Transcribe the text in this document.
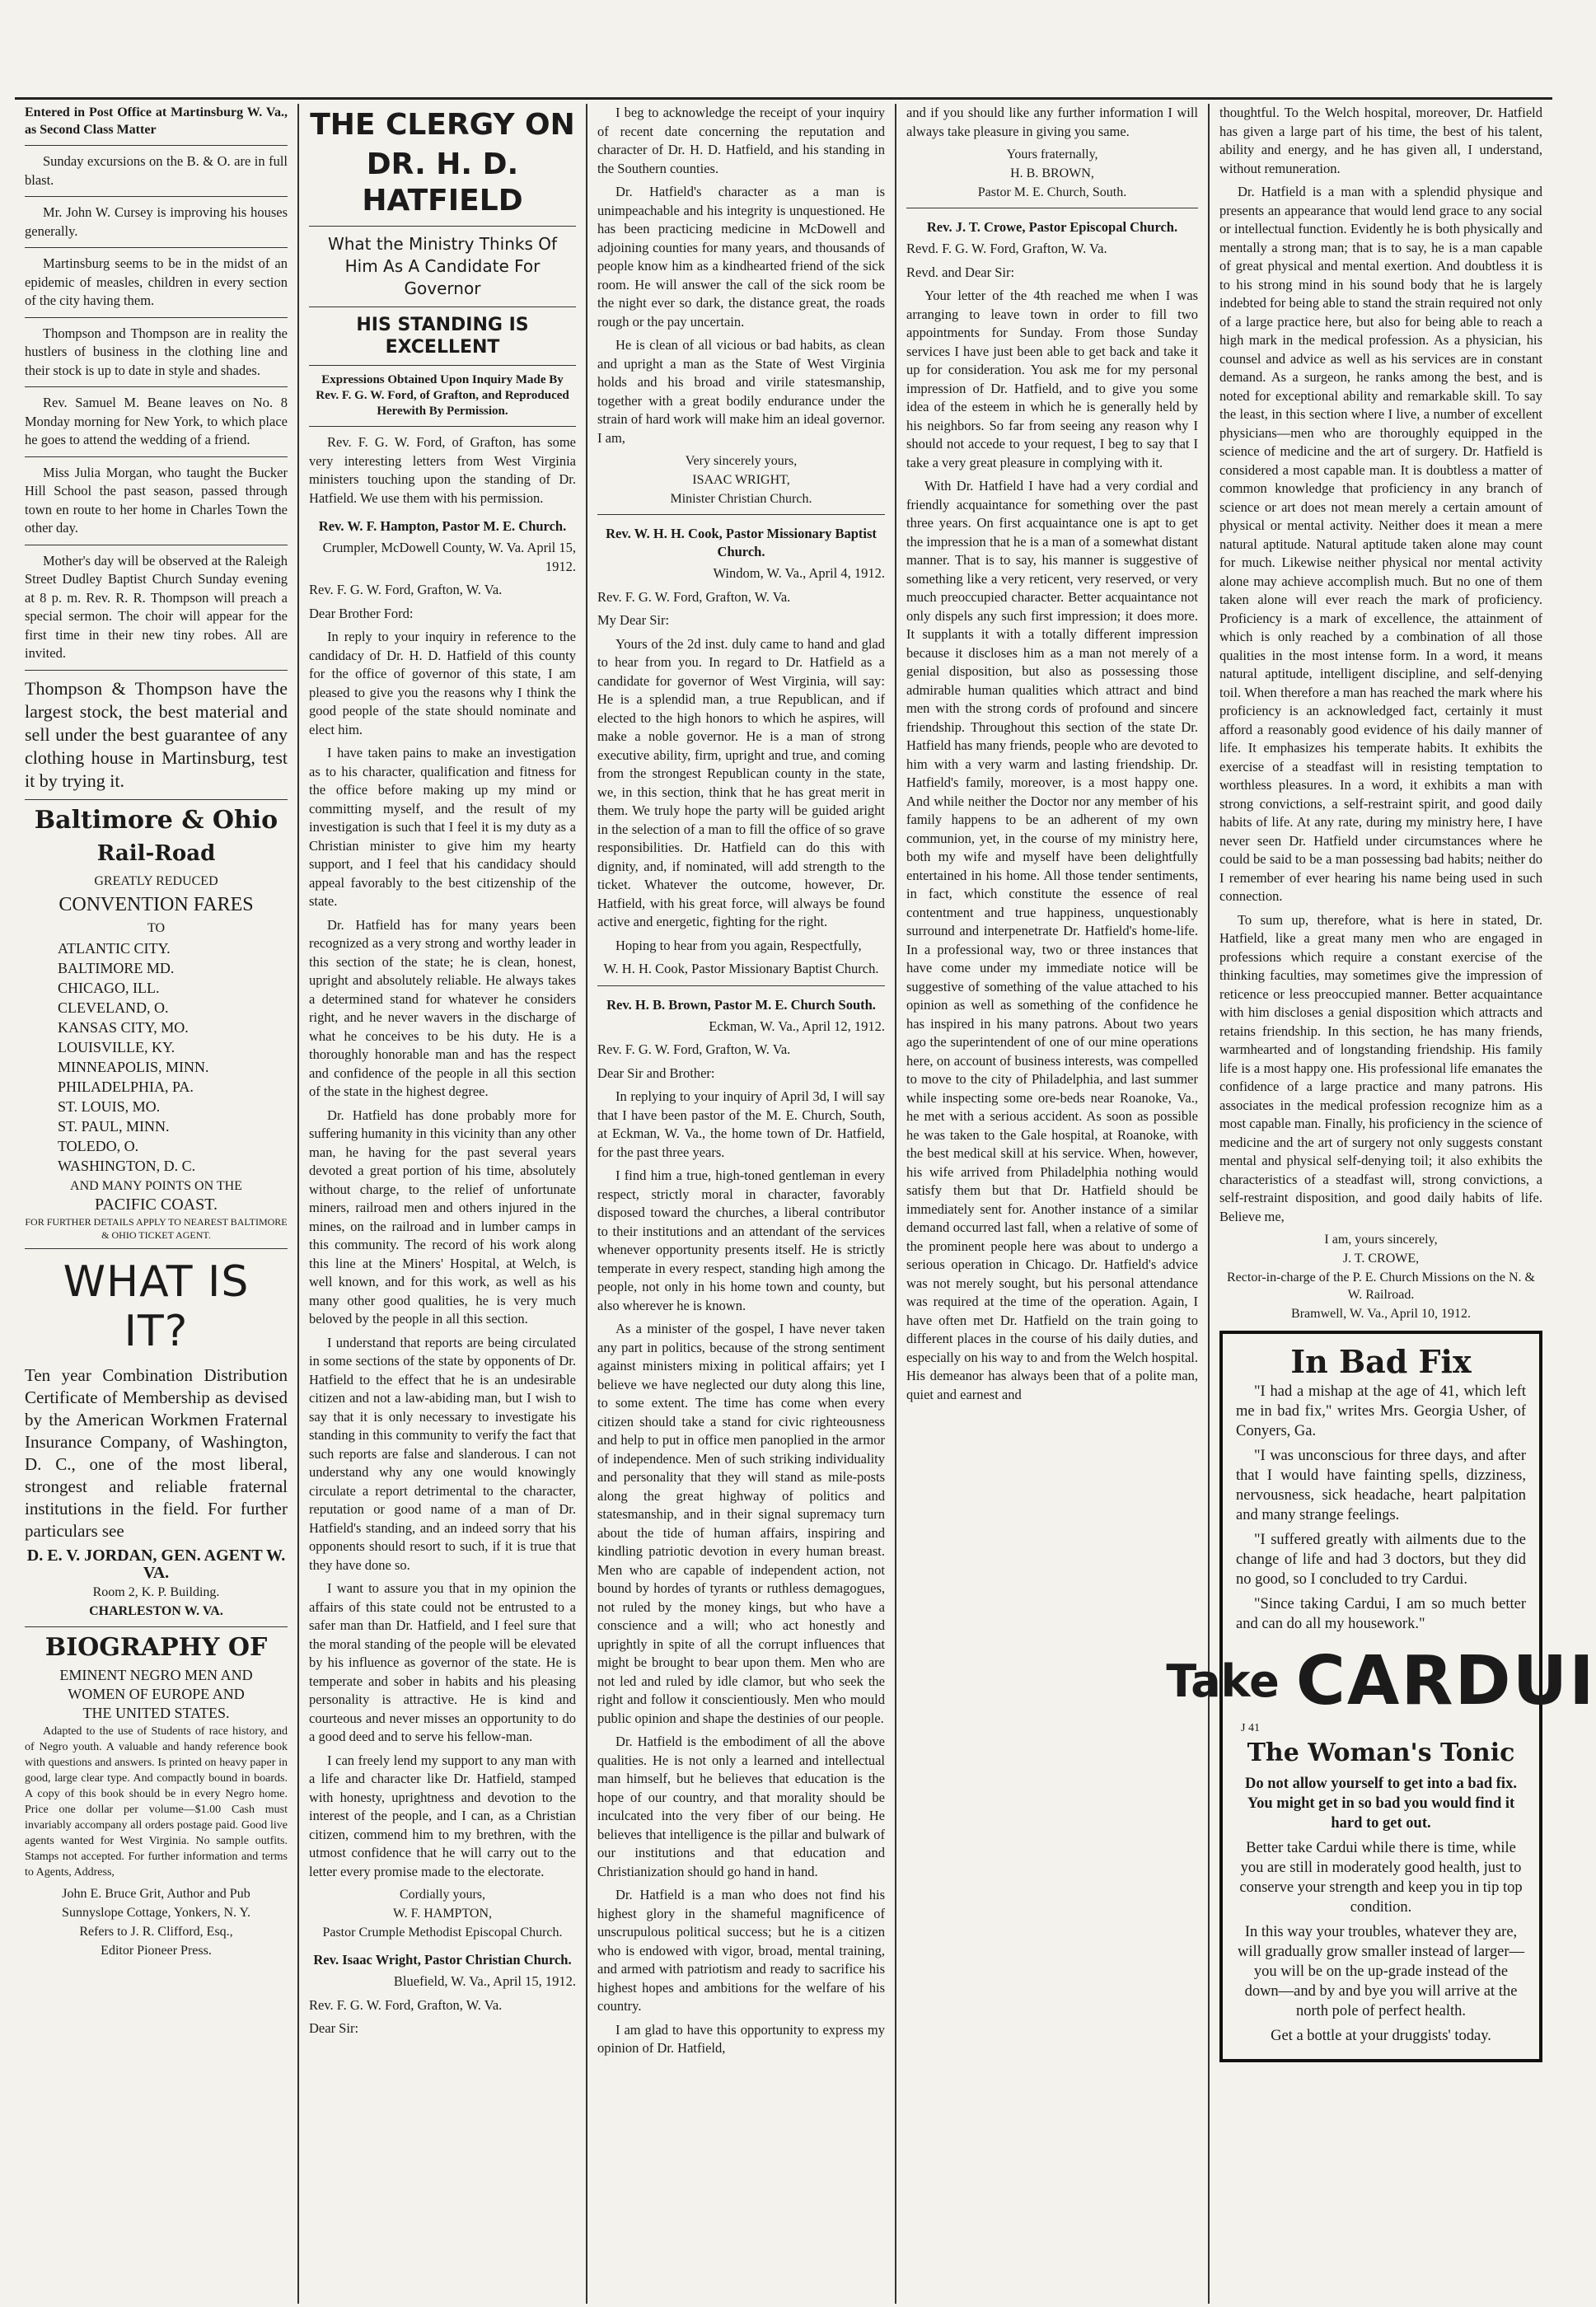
Entered in Post Office at Martinsburg W. Va., as Second Class Matter

Sunday excursions on the B. & O. are in full blast.

Mr. John W. Cursey is improving his houses generally.

Martinsburg seems to be in the midst of an epidemic of measles, children in every section of the city having them.

Thompson and Thompson are in reality the hustlers of business in the clothing line and their stock is up to date in style and shades.

Rev. Samuel M. Beane leaves on No. 8 Monday morning for New York, to which place he goes to attend the wedding of a friend.

Miss Julia Morgan, who taught the Bucker Hill School the past season, passed through town en route to her home in Charles Town the other day.

Mother's day will be observed at the Raleigh Street Dudley Baptist Church Sunday evening at 8 p. m. Rev. R. R. Thompson will preach a special sermon. The choir will appear for the first time in their new tiny robes. All are invited.

Thompson & Thompson have the largest stock, the best material and sell under the best guarantee of any clothing house in Martinsburg, test it by trying it.

Baltimore & Ohio
Rail-Road
GREATLY REDUCED
CONVENTION FARES
TO
ATLANTIC CITY.
BALTIMORE MD.
CHICAGO, ILL.
CLEVELAND, O.
KANSAS CITY, MO.
LOUISVILLE, KY.
MINNEAPOLIS, MINN.
PHILADELPHIA, PA.
ST. LOUIS, MO.
ST. PAUL, MINN.
TOLEDO, O.
WASHINGTON, D. C.
AND MANY POINTS ON THE
PACIFIC COAST.
FOR FURTHER DETAILS APPLY TO NEAREST BALTIMORE & OHIO TICKET AGENT.
WHAT IS IT?

Ten year Combination Distribution Certificate of Membership as devised by the American Workmen Fraternal Insurance Company, of Washington, D. C., one of the most liberal, strongest and reliable fraternal institutions in the field. For further particulars see

D. E. V. JORDAN, GEN. AGENT W. VA.
Room 2, K. P. Building.
CHARLESTON W. VA.
BIOGRAPHY OF
EMINENT NEGRO MEN AND
WOMEN OF EUROPE AND
THE UNITED STATES.

Adapted to the use of Students of race history, and of Negro youth. A valuable and handy reference book with questions and answers. Is printed on heavy paper in good, large clear type. And compactly bound in boards. A copy of this book should be in every Negro home. Price one dollar per volume—$1.00 Cash must invariably accompany all orders postage paid. Good live agents wanted for West Virginia. No sample outfits. Stamps not accepted. For further information and terms to Agents, Address,

John E. Bruce Grit, Author and Pub
Sunnyslope Cottage, Yonkers, N. Y.
Refers to J. R. Clifford, Esq.,
Editor Pioneer Press.
THE CLERGY ON
DR. H. D. HATFIELD
What the Ministry Thinks Of Him As A Candidate For Governor
HIS STANDING IS EXCELLENT

Expressions Obtained Upon Inquiry Made By Rev. F. G. W. Ford, of Grafton, and Reproduced Herewith By Permission.

Rev. F. G. W. Ford, of Grafton, has some very interesting letters from West Virginia ministers touching upon the standing of Dr. Hatfield. We use them with his permission.

Rev. W. F. Hampton, Pastor M. E. Church.

Crumpler, McDowell County, W. Va. April 15, 1912.

Rev. F. G. W. Ford, Grafton, W. Va.

Dear Brother Ford:

In reply to your inquiry in reference to the candidacy of Dr. H. D. Hatfield of this county for the office of governor of this state, I am pleased to give you the reasons why I think the good people of the state should nominate and elect him.

I have taken pains to make an investigation as to his character, qualification and fitness for the office before making up my mind or committing myself, and the result of my investigation is such that I feel it is my duty as a Christian minister to give him my hearty support, and I feel that his candidacy should appeal favorably to the best citizenship of the state.

Dr. Hatfield has for many years been recognized as a very strong and worthy leader in this section of the state; he is clean, honest, upright and absolutely reliable. He always takes a determined stand for whatever he considers right, and he never wavers in the discharge of what he conceives to be his duty. He is a thoroughly honorable man and has the respect and confidence of the people in all this section of the state in the highest degree.

Dr. Hatfield has done probably more for suffering humanity in this vicinity than any other man, he having for the past several years devoted a great portion of his time, absolutely without charge, to the relief of unfortunate miners, railroad men and others injured in the mines, on the railroad and in lumber camps in this community. The record of his work along this line at the Miners' Hospital, at Welch, is well known, and for this work, as well as his many other good qualities, he is very much beloved by the people in all this section.

I understand that reports are being circulated in some sections of the state by opponents of Dr. Hatfield to the effect that he is an undesirable citizen and not a law-abiding man, but I wish to say that it is only necessary to investigate his standing in this community to verify the fact that such reports are false and slanderous. I can not understand why any one would knowingly circulate a report detrimental to the character, reputation or good name of a man of Dr. Hatfield's standing, and an indeed sorry that his opponents should resort to such, if it is true that they have done so.

I want to assure you that in my opinion the affairs of this state could not be entrusted to a safer man than Dr. Hatfield, and I feel sure that the moral standing of the people will be elevated by his influence as governor of the state. He is temperate and sober in habits and his pleasing personality is attractive. He is kind and courteous and never misses an opportunity to do a good deed and to serve his fellow-man.

I can freely lend my support to any man with a life and character like Dr. Hatfield, stamped with honesty, uprightness and devotion to the interest of the people, and I can, as a Christian citizen, commend him to my brethren, with the utmost confidence that he will carry out to the letter every promise made to the electorate.

Cordially yours,
W. F. HAMPTON,
Pastor Crumple Methodist Episcopal Church.

Rev. Isaac Wright, Pastor Christian Church.

Bluefield, W. Va., April 15, 1912.

Rev. F. G. W. Ford, Grafton, W. Va.

Dear Sir:

I beg to acknowledge the receipt of your inquiry of recent date concerning the reputation and character of Dr. H. D. Hatfield, and his standing in the Southern counties.

Dr. Hatfield's character as a man is unimpeachable and his integrity is unquestioned. He has been practicing medicine in McDowell and adjoining counties for many years, and thousands of people know him as a kindhearted friend of the sick room. He will answer the call of the sick room be the night ever so dark, the distance great, the roads rough or the pay uncertain.

He is clean of all vicious or bad habits, as clean and upright a man as the State of West Virginia holds and his broad and virile statesmanship, together with a great bodily endurance under the strain of hard work will make him an ideal governor. I am,

Very sincerely yours,
ISAAC WRIGHT,
Minister Christian Church.

Rev. W. H. H. Cook, Pastor Missionary Baptist Church.

Windom, W. Va., April 4, 1912.

Rev. F. G. W. Ford, Grafton, W. Va.

My Dear Sir:

Yours of the 2d inst. duly came to hand and glad to hear from you. In regard to Dr. Hatfield as a candidate for governor of West Virginia, will say: He is a splendid man, a true Republican, and if elected to the high honors to which he aspires, will make a noble governor. He is a man of strong executive ability, firm, upright and true, and coming from the strongest Republican county in the state, we, in this section, think that he has great merit in them. We truly hope the party will be guided aright in the selection of a man to fill the office of so grave responsibilities. Dr. Hatfield can do this with dignity, and, if nominated, will add strength to the ticket. Whatever the outcome, however, Dr. Hatfield, with his great force, will always be found active and energetic, fighting for the right.

Hoping to hear from you again, Respectfully,

W. H. H. Cook, Pastor Missionary Baptist Church.

Rev. H. B. Brown, Pastor M. E. Church South.

Eckman, W. Va., April 12, 1912.

Rev. F. G. W. Ford, Grafton, W. Va.

Dear Sir and Brother:

In replying to your inquiry of April 3d, I will say that I have been pastor of the M. E. Church, South, at Eckman, W. Va., the home town of Dr. Hatfield, for the past three years.

I find him a true, high-toned gentleman in every respect, strictly moral in character, favorably disposed toward the churches, a liberal contributor to their institutions and an attendant of the services whenever opportunity presents itself. He is strictly temperate in every respect, standing high among the people, not only in his home town and county, but also wherever he is known.

As a minister of the gospel, I have never taken any part in politics, because of the strong sentiment against ministers mixing in political affairs; yet I believe we have neglected our duty along this line, to some extent. The time has come when every citizen should take a stand for civic righteousness and help to put in office men panoplied in the armor of independence. Men of such striking individuality and personality that they will stand as mile-posts along the great highway of politics and statesmanship, and in their signal supremacy turn about the tide of human affairs, inspiring and kindling patriotic devotion in every human breast. Men who are capable of independent action, not bound by hordes of tyrants or ruthless demagogues, not ruled by the money kings, but who have a conscience and a will; who act honestly and uprightly in spite of all the corrupt influences that might be brought to bear upon them. Men who are not led and ruled by idle clamor, but who seek the right and follow it conscientiously. Men who mould public opinion and shape the destinies of our people.

Dr. Hatfield is the embodiment of all the above qualities. He is not only a learned and intellectual man himself, but he believes that education is the hope of our country, and that morality should be inculcated into the very fiber of our being. He believes that intelligence is the pillar and bulwark of our institutions and that education and Christianization should go hand in hand.

Dr. Hatfield is a man who does not find his highest glory in the shameful magnificence of unscrupulous political success; but he is a citizen who is endowed with vigor, broad, mental training, and armed with patriotism and ready to sacrifice his highest hopes and ambitions for the welfare of his country.

I am glad to have this opportunity to express my opinion of Dr. Hatfield,

and if you should like any further information I will always take pleasure in giving you same.

Yours fraternally,
H. B. BROWN,
Pastor M. E. Church, South.

Rev. J. T. Crowe, Pastor Episcopal Church.

Revd. F. G. W. Ford, Grafton, W. Va.

Revd. and Dear Sir:

Your letter of the 4th reached me when I was arranging to leave town in order to fill two appointments for Sunday. From those Sunday services I have just been able to get back and take it up for consideration. You ask me for my personal impression of Dr. Hatfield, and to give you some idea of the esteem in which he is generally held by his neighbors. So far from seeing any reason why I should not accede to your request, I beg to say that I take a very great pleasure in complying with it.

With Dr. Hatfield I have had a very cordial and friendly acquaintance for something over the past three years. On first acquaintance one is apt to get the impression that he is a man of a somewhat distant manner. That is to say, his manner is suggestive of something like a very reticent, very reserved, or very much preoccupied character. Better acquaintance not only dispels any such first impression; it does more. It supplants it with a totally different impression because it discloses him as a man not merely of a genial disposition, but also as possessing those admirable human qualities which attract and bind men with the strong cords of profound and sincere friendship. Throughout this section of the state Dr. Hatfield has many friends, people who are devoted to him with a very warm and lasting friendship. Dr. Hatfield's family, moreover, is a most happy one. And while neither the Doctor nor any member of his family happens to be an adherent of my own communion, yet, in the course of my ministry here, both my wife and myself have been delightfully entertained in his home. All those tender sentiments, in fact, which constitute the essence of real contentment and true happiness, unquestionably surround and interpenetrate Dr. Hatfield's home-life. In a professional way, two or three instances that have come under my immediate notice will be suggestive of something of the value attached to his opinion as well as something of the confidence he has inspired in his many patrons. About two years ago the superintendent of one of our mine operations here, on account of business interests, was compelled to move to the city of Philadelphia, and last summer while inspecting some ore-beds near Roanoke, Va., he met with a serious accident. As soon as possible he was taken to the Gale hospital, at Roanoke, with the best medical skill at his service. When, however, his wife arrived from Philadelphia nothing would satisfy them but that Dr. Hatfield should be immediately sent for. Another instance of a similar demand occurred last fall, when a relative of some of the prominent people here was about to undergo a serious operation in Chicago. Dr. Hatfield's advice was not merely sought, but his personal attendance was required at the time of the operation. Again, I have often met Dr. Hatfield on the train going to different places in the course of his daily duties, and especially on his way to and from the Welch hospital. His demeanor has always been that of a polite man, quiet and earnest and

thoughtful. To the Welch hospital, moreover, Dr. Hatfield has given a large part of his time, the best of his talent, ability and energy, and he has given all, I understand, without remuneration.

Dr. Hatfield is a man with a splendid physique and presents an appearance that would lend grace to any social or intellectual function. Evidently he is both physically and mentally a strong man; that is to say, he is a man capable of great physical and mental exertion. And doubtless it is to his strong mind in his sound body that he is largely indebted for being able to stand the strain required not only of a large practice here, but also for being able to reach a high mark in the medical profession. As a physician, his counsel and advice as well as his services are in constant demand. As a surgeon, he ranks among the best, and is noted for exceptional ability and remarkable skill. To say the least, in this section where I live, a number of excellent physicians—men who are thoroughly equipped in the science of medicine and the art of surgery. Dr. Hatfield is considered a most capable man. It is doubtless a matter of common knowledge that proficiency in any branch of science or art does not mean merely a certain amount of physical or mental activity. Neither does it mean a mere natural aptitude. Natural aptitude taken alone may count for much. Likewise neither physical nor mental activity alone may achieve accomplish much. But no one of them taken alone will ever reach the mark of proficiency. Proficiency is a mark of excellence, the attainment of which is only reached by a combination of all those qualities in the most intense form. In a word, it means natural aptitude, intelligent discipline, and self-denying toil. When therefore a man has reached the mark where his proficiency is an acknowledged fact, certainly it must afford a reasonably good evidence of his daily manner of life. It emphasizes his temperate habits. It exhibits the exercise of a steadfast will in resisting temptation to worthless pleasures. In a word, it exhibits a man with strong convictions, a self-restraint spirit, and good daily habits of life. At any rate, during my ministry here, I have never seen Dr. Hatfield under circumstances where he could be said to be a man possessing bad habits; neither do I remember of ever hearing his name being used in such connection.

To sum up, therefore, what is here in stated, Dr. Hatfield, like a great many men who are engaged in professions which require a constant exercise of the thinking faculties, may sometimes give the impression of reticence or less preoccupied manner. Better acquaintance with him discloses a genial disposition which attracts and retains friendship. In this section, he has many friends, warmhearted and of longstanding friendship. His family life is a most happy one. His professional life emanates the confidence of a large practice and many patrons. His associates in the medical profession recognize him as a most capable man. Finally, his proficiency in the science of medicine and the art of surgery not only suggests constant mental and physical self-denying toil; it also exhibits the characteristics of a steadfast will, strong convictions, a self-restraint disposition, and good daily habits of life. Believe me,

I am, yours sincerely,
J. T. CROWE,
Rector-in-charge of the P. E. Church Missions on the N. & W. Railroad.
Bramwell, W. Va., April 10, 1912.
In Bad Fix

"I had a mishap at the age of 41, which left me in bad fix," writes Mrs. Georgia Usher, of Conyers, Ga.

"I was unconscious for three days, and after that I would have fainting spells, dizziness, nervousness, sick headache, heart palpitation and many strange feelings.

"I suffered greatly with ailments due to the change of life and had 3 doctors, but they did no good, so I concluded to try Cardui.

"Since taking Cardui, I am so much better and can do all my housework."

Take CARDUI
J 41
The Woman's Tonic

Do not allow yourself to get into a bad fix. You might get in so bad you would find it hard to get out.

Better take Cardui while there is time, while you are still in moderately good health, just to conserve your strength and keep you in tip top condition.

In this way your troubles, whatever they are, will gradually grow smaller instead of larger—you will be on the up-grade instead of the down—and by and bye you will arrive at the north pole of perfect health.

Get a bottle at your druggists' today.
